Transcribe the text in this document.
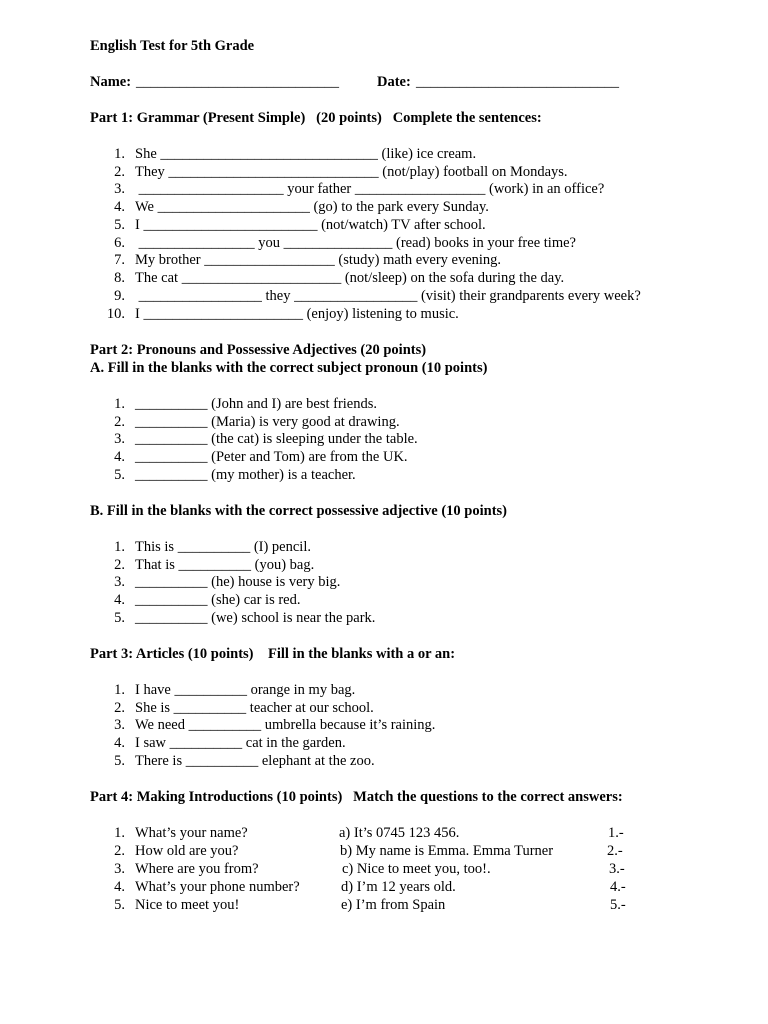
English Test for 5th Grade
Name: ____________________________	Date: ____________________________
Part 1: Grammar (Present Simple)   (20 points)   Complete the sentences:
1. She ______________________________ (like) ice cream.
2. They _____________________________ (not/play) football on Mondays.
3. ____________________ your father __________________ (work) in an office?
4. We _____________________ (go) to the park every Sunday.
5. I ________________________ (not/watch) TV after school.
6. ________________ you _______________ (read) books in your free time?
7. My brother __________________ (study) math every evening.
8. The cat ______________________ (not/sleep) on the sofa during the day.
9. _________________ they _________________ (visit) their grandparents every week?
10. I ______________________ (enjoy) listening to music.
Part 2: Pronouns and Possessive Adjectives (20 points)
A. Fill in the blanks with the correct subject pronoun (10 points)
1. __________ (John and I) are best friends.
2. __________ (Maria) is very good at drawing.
3. __________ (the cat) is sleeping under the table.
4. __________ (Peter and Tom) are from the UK.
5. __________ (my mother) is a teacher.
B. Fill in the blanks with the correct possessive adjective (10 points)
1. This is __________ (I) pencil.
2. That is __________ (you) bag.
3. __________ (he) house is very big.
4. __________ (she) car is red.
5. __________ (we) school is near the park.
Part 3: Articles (10 points)    Fill in the blanks with a or an:
1. I have __________ orange in my bag.
2. She is __________ teacher at our school.
3. We need __________ umbrella because it’s raining.
4. I saw __________ cat in the garden.
5. There is __________ elephant at the zoo.
Part 4: Making Introductions (10 points)   Match the questions to the correct answers:
1. What’s your name?	a) It’s 0745 123 456.	1.-
2. How old are you?	b) My name is Emma. Emma Turner	2.-
3. Where are you from?	c) Nice to meet you, too!.	3.-
4. What’s your phone number?	d) I’m 12 years old.	4.-
5. Nice to meet you!	e) I’m from Spain	5.-
